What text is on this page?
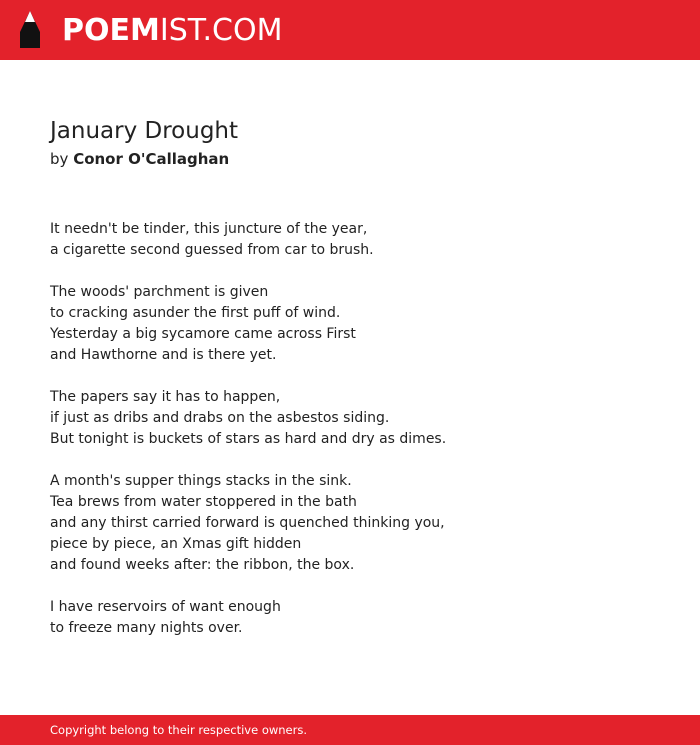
POEMIST.COM
January Drought
by Conor O'Callaghan
It needn't be tinder, this juncture of the year,
a cigarette second guessed from car to brush.
The woods' parchment is given
to cracking asunder the first puff of wind.
Yesterday a big sycamore came across First
and Hawthorne and is there yet.
The papers say it has to happen,
if just as dribs and drabs on the asbestos siding.
But tonight is buckets of stars as hard and dry as dimes.
A month's supper things stacks in the sink.
Tea brews from water stoppered in the bath
and any thirst carried forward is quenched thinking you,
piece by piece, an Xmas gift hidden
and found weeks after: the ribbon, the box.
I have reservoirs of want enough
to freeze many nights over.
Copyright belong to their respective owners.
